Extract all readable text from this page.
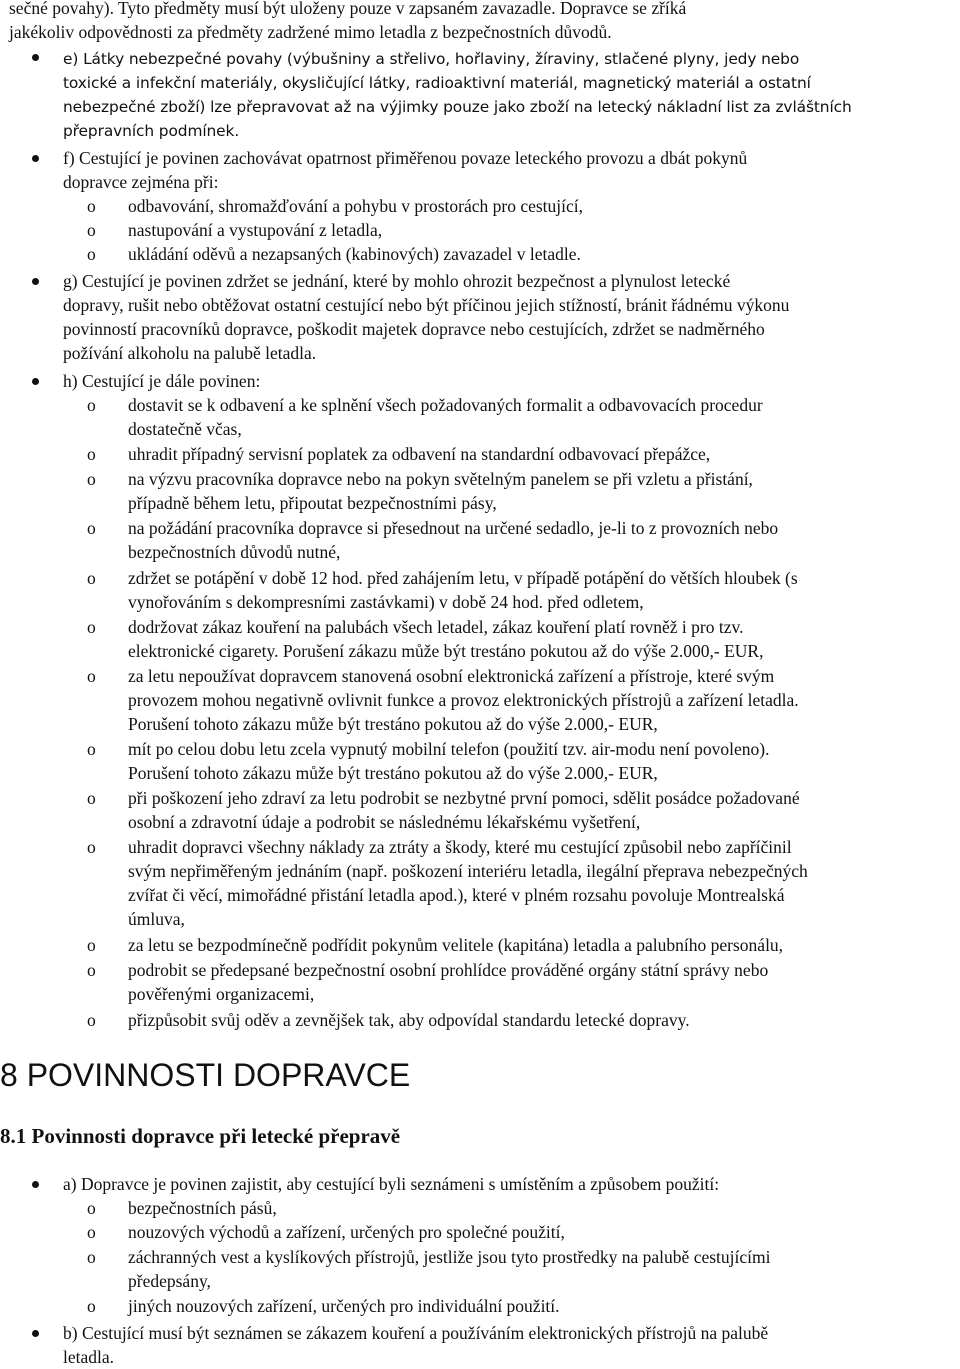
sečné povahy). Tyto předměty musí být uloženy pouze v zapsaném zavazadle. Dopravce se zříká
jakékoliv odpovědnosti za předměty zadržené mimo letadla z bezpečnostních důvodů.
e) Látky nebezpečné povahy (výbušniny a střelivo, hořlaviny, žíraviny, stlačené plyny, jedy nebo
toxické a infekční materiály, okysličující látky, radioaktivní materiál, magnetický materiál a ostatní
nebezpečné zboží) lze přepravovat až na výjimky pouze jako zboží na letecký nákladní list za zvláštních
přepravních podmínek.
f) Cestující je povinen zachovávat opatrnost přiměřenou povaze leteckého provozu a dbát pokynů
dopravce zejména při:
o odbavování, shromažďování a pohybu v prostorách pro cestující,
o nastupování a vystupování z letadla,
o ukládání oděvů a nezapsaných (kabinových) zavazadel v letadle.
g) Cestující je povinen zdržet se jednání, které by mohlo ohrozit bezpečnost a plynulost letecké
dopravy, rušit nebo obtěžovat ostatní cestující nebo být příčinou jejich stížností, bránit řádnému výkonu
povinností pracovníků dopravce, poškodit majetek dopravce nebo cestujících, zdržet se nadměrného
požívání alkoholu na palubě letadla.
h) Cestující je dále povinen:
o dostavit se k odbavení a ke splnění všech požadovaných formalit a odbavovacích procedur
dostatečně včas,
o uhradit případný servisní poplatek za odbavení na standardní odbavovací přepážce,
o na výzvu pracovníka dopravce nebo na pokyn světelným panelem se při vzletu a přistání,
případně během letu, připoutat bezpečnostními pásy,
o na požádání pracovníka dopravce si přesednout na určené sedadlo, je-li to z provozních nebo
bezpečnostních důvodů nutné,
o zdržet se potápění v době 12 hod. před zahájením letu, v případě potápění do větších hloubek (s
vynořováním s dekompresními zastávkami) v době 24 hod. před odletem,
o dodržovat zákaz kouření na palubách všech letadel, zákaz kouření platí rovněž i pro tzv.
elektronické cigarety. Porušení zákazu může být trestáno pokutou až do výše 2.000,- EUR,
o za letu nepoužívat dopravcem stanovená osobní elektronická zařízení a přístroje, které svým
provozem mohou negativně ovlivnit funkce a provoz elektronických přístrojů a zařízení letadla.
Porušení tohoto zákazu může být trestáno pokutou až do výše 2.000,- EUR,
o mít po celou dobu letu zcela vypnutý mobilní telefon (použití tzv. air-modu není povoleno).
Porušení tohoto zákazu může být trestáno pokutou až do výše 2.000,- EUR,
o při poškození jeho zdraví za letu podrobit se nezbytné první pomoci, sdělit posádce požadované
osobní a zdravotní údaje a podrobit se následnému lékařskému vyšetření,
o uhradit dopravci všechny náklady za ztráty a škody, které mu cestující způsobil nebo zapříčinil
svým nepřiměřeným jednáním (např. poškození interiéru letadla, ilegální přeprava nebezpečných
zvířat či věcí, mimořádné přistání letadla apod.), které v plném rozsahu povoluje Montrealská
úmluva,
o za letu se bezpodmínečně podřídit pokynům velitele (kapitána) letadla a palubního personálu,
o podrobit se předepsané bezpečnostní osobní prohlídce prováděné orgány státní správy nebo
pověřenými organizacemi,
o přizpůsobit svůj oděv a zevnějšek tak, aby odpovídal standardu letecké dopravy.
8 POVINNOSTI DOPRAVCE
8.1 Povinnosti dopravce při letecké přepravě
a) Dopravce je povinen zajistit, aby cestující byli seznámeni s umístěním a způsobem použití:
o bezpečnostních pásů,
o nouzových východů a zařízení, určených pro společné použití,
o záchranných vest a kyslíkových přístrojů, jestliže jsou tyto prostředky na palubě cestujícími
předepsány,
o jiných nouzových zařízení, určených pro individuální použití.
b) Cestující musí být seznámen se zákazem kouření a používáním elektronických přístrojů na palubě
letadla.
